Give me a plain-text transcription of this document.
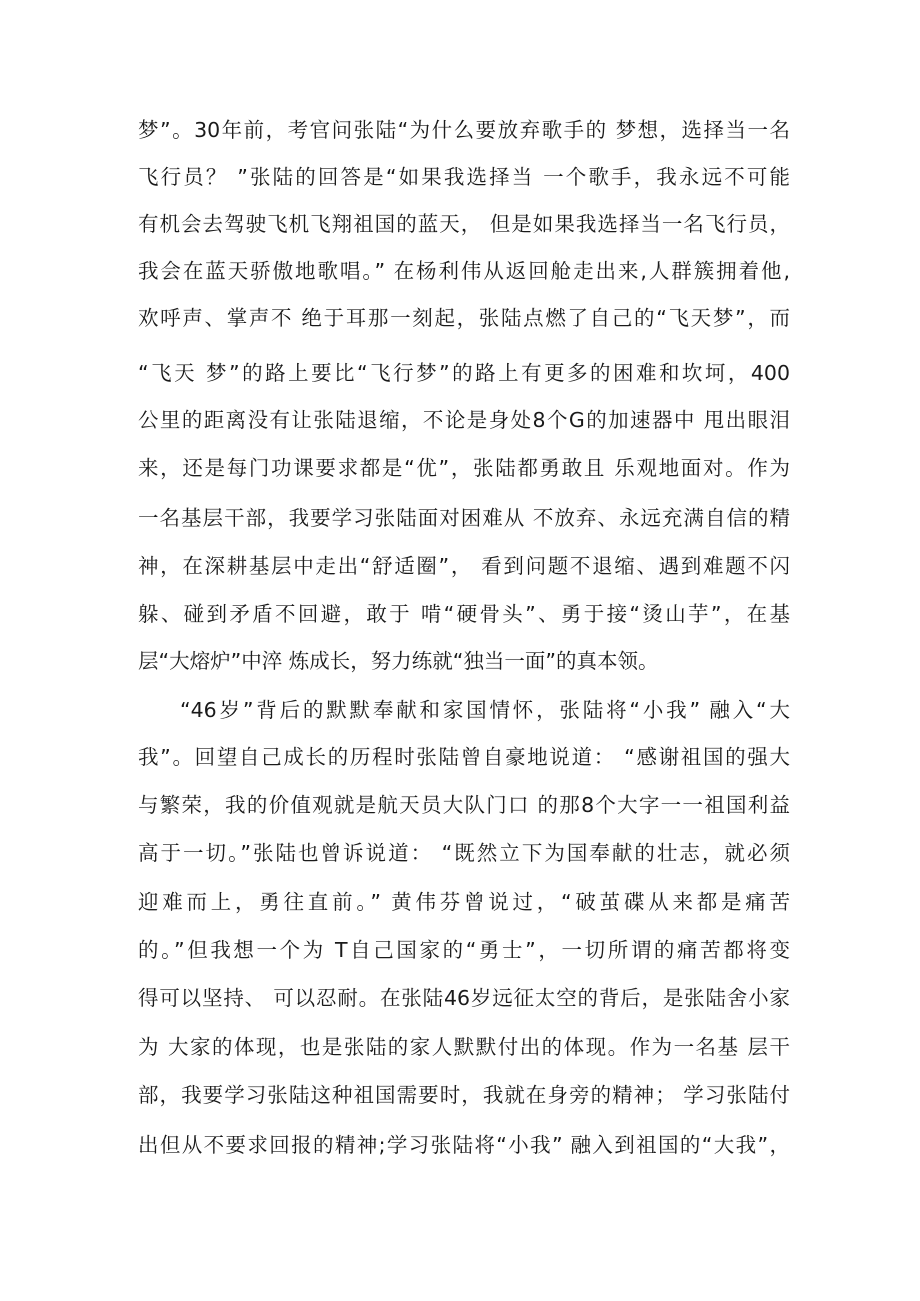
梦”。30年前，考官问张陆“为什么要放弃歌手的 梦想，选择当一名
飞行员？ ”张陆的回答是“如果我选择当 一个歌手，我永远不可能
有机会去驾驶飞机飞翔祖国的蓝天， 但是如果我选择当一名飞行员，
我会在蓝天骄傲地歌唱。” 在杨利伟从返回舱走出来,人群簇拥着他,
欢呼声、掌声不 绝于耳那一刻起，张陆点燃了自己的“飞天梦”，而
“飞天 梦”的路上要比“飞行梦”的路上有更多的困难和坎坷，400
公里的距离没有让张陆退缩，不论是身处8个G的加速器中 甩出眼泪
来，还是每门功课要求都是“优”，张陆都勇敢且 乐观地面对。作为
一名基层干部，我要学习张陆面对困难从 不放弃、永远充满自信的精
神，在深耕基层中走出“舒适圈”， 看到问题不退缩、遇到难题不闪
躲、碰到矛盾不回避，敢于 啃“硬骨头”、勇于接“烫山芋”，在基
层“大熔炉”中淬 炼成长，努力练就“独当一面”的真本领。
“46岁”背后的默默奉献和家国情怀，张陆将“小我” 融入“大
我”。回望自己成长的历程时张陆曾自豪地说道： “感谢祖国的强大
与繁荣，我的价值观就是航天员大队门口 的那8个大字一一祖国利益
高于一切。”张陆也曾诉说道： “既然立下为国奉献的壮志，就必须
迎难而上，勇往直前。” 黄伟芬曾说过，“破茧碟从来都是痛苦
的。”但我想一个为 T自己国家的“勇士”，一切所谓的痛苦都将变
得可以坚持、 可以忍耐。在张陆46岁远征太空的背后，是张陆舍小家
为 大家的体现，也是张陆的家人默默付出的体现。作为一名基 层干
部，我要学习张陆这种祖国需要时，我就在身旁的精神； 学习张陆付
出但从不要求回报的精神;学习张陆将“小我” 融入到祖国的“大我”，
